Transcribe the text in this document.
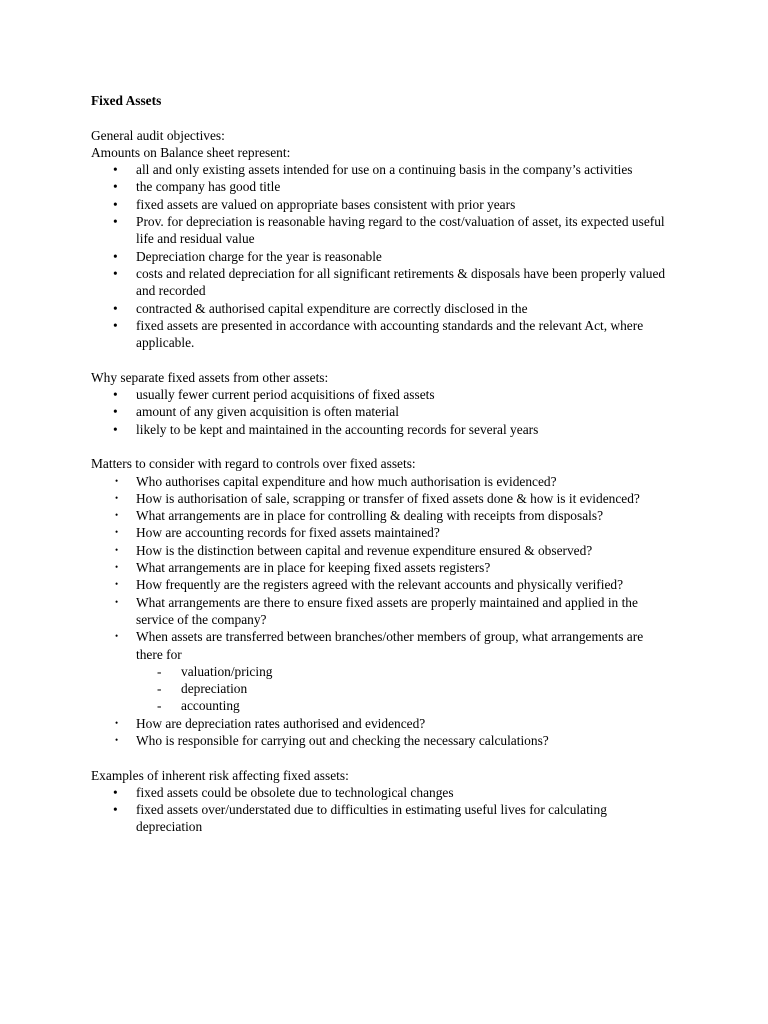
Fixed Assets
General audit objectives:
Amounts on Balance sheet represent:
•	all and only existing assets intended for use on a continuing basis in the company’s activities
•	the company has good title
•	fixed assets are valued on appropriate bases consistent with prior years
•	Prov. for depreciation is reasonable having regard to the cost/valuation of asset, its expected useful life and residual value
•	Depreciation charge for the year is reasonable
•	costs and related depreciation for all significant retirements & disposals have been properly valued and recorded
•	contracted & authorised capital expenditure are correctly disclosed in the
•	fixed assets are presented in accordance with accounting standards and the relevant Act, where applicable.
Why separate fixed assets from other assets:
•	usually fewer current period acquisitions of fixed assets
•	amount of any given acquisition is often material
•	likely to be kept and maintained in the accounting records for several years
Matters to consider with regard to controls over fixed assets:
•	Who authorises capital expenditure and how much authorisation is evidenced?
•	How is authorisation of sale, scrapping or transfer of fixed assets done & how is it evidenced?
•	What arrangements are in place for controlling & dealing with receipts from disposals?
•	How are accounting records for fixed assets maintained?
•	How is the distinction between capital and revenue expenditure ensured & observed?
•	What arrangements are in place for keeping fixed assets registers?
•	How frequently are the registers agreed with the relevant accounts and physically verified?
•	What arrangements are there to ensure fixed assets are properly maintained and applied in the service of the company?
•	When assets are transferred between branches/other members of group, what arrangements are there for
- valuation/pricing
- depreciation
- accounting
•	How are depreciation rates authorised and evidenced?
•	Who is responsible for carrying out and checking the necessary calculations?
Examples of inherent risk affecting fixed assets:
•	fixed assets could be obsolete due to technological changes
•	fixed assets over/understated due to difficulties in estimating useful lives for calculating depreciation
